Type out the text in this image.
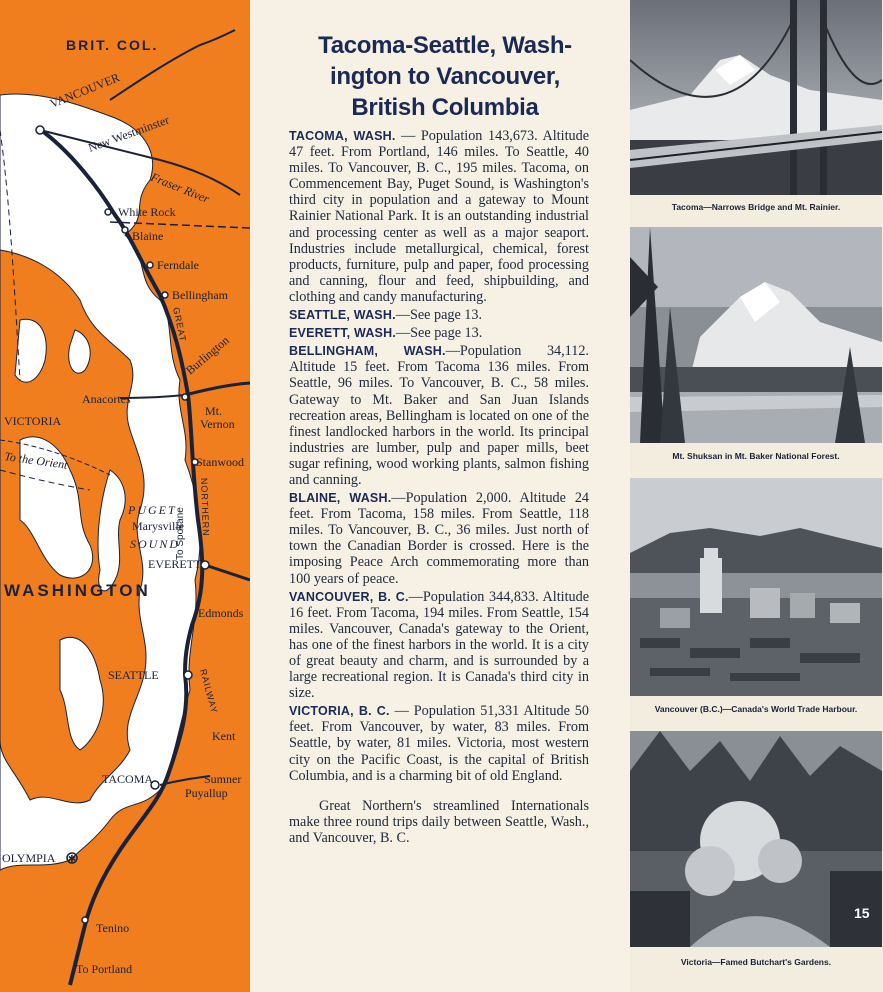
✱
BRIT. COL.
VANCOUVER
New Westminster
Fraser River
White Rock
Blaine
Ferndale
Bellingham
Burlington
GREAT
Anacortes
Mt.
Vernon
VICTORIA
To the Orient	Stanwood
NORTHERN
PUGET
Marysville
SOUND
EVERETT
To Spokane
WASHINGTON
Edmonds
SEATTLE	RAILWAY
Kent
TACOMA	Sumner
Puyallup
OLYMPIA
Tenino
To Portland
Tacoma-Seattle, Wash-
ington to Vancouver,
British Columbia

TACOMA, WASH. — Population 143,673. Altitude 47 feet. From Portland, 146 miles. To Seattle, 40 miles. To Vancouver, B. C., 195 miles. Tacoma, on Commencement Bay, Puget Sound, is Washington's third city in population and a gateway to Mount Rainier National Park. It is an outstanding industrial and processing center as well as a major seaport. Industries include metallurgical, chemical, forest products, furniture, pulp and paper, food processing and canning, flour and feed, shipbuilding, and clothing and candy manufacturing.

SEATTLE, WASH.—See page 13.

EVERETT, WASH.—See page 13.

BELLINGHAM, WASH.—Population 34,112. Altitude 15 feet. From Tacoma 136 miles. From Seattle, 96 miles. To Vancouver, B. C., 58 miles. Gateway to Mt. Baker and San Juan Islands recreation areas, Bellingham is located on one of the finest landlocked harbors in the world. Its principal industries are lumber, pulp and paper mills, beet sugar refining, wood working plants, salmon fishing and canning.

BLAINE, WASH.—Population 2,000. Altitude 24 feet. From Tacoma, 158 miles. From Seattle, 118 miles. To Vancouver, B. C., 36 miles. Just north of town the Canadian Border is crossed. Here is the imposing Peace Arch commemorating more than 100 years of peace.

VANCOUVER, B. C.—Population 344,833. Altitude 16 feet. From Tacoma, 194 miles. From Seattle, 154 miles. Vancouver, Canada's gateway to the Orient, has one of the finest harbors in the world. It is a city of great beauty and charm, and is surrounded by a large recreational region. It is Canada's third city in size.

VICTORIA, B. C. — Population 51,331 Altitude 50 feet. From Vancouver, by water, 83 miles. From Seattle, by water, 81 miles. Victoria, most western city on the Pacific Coast, is the capital of British Columbia, and is a charming bit of old England.

Great Northern's streamlined Internationals make three round trips daily between Seattle, Wash., and Vancouver, B. C.

Tacoma—Narrows Bridge and Mt. Rainier.
Mt. Shuksan in Mt. Baker National Forest.
Vancouver (B.C.)—Canada's World Trade Harbour.
15
Victoria—Famed Butchart's Gardens.
